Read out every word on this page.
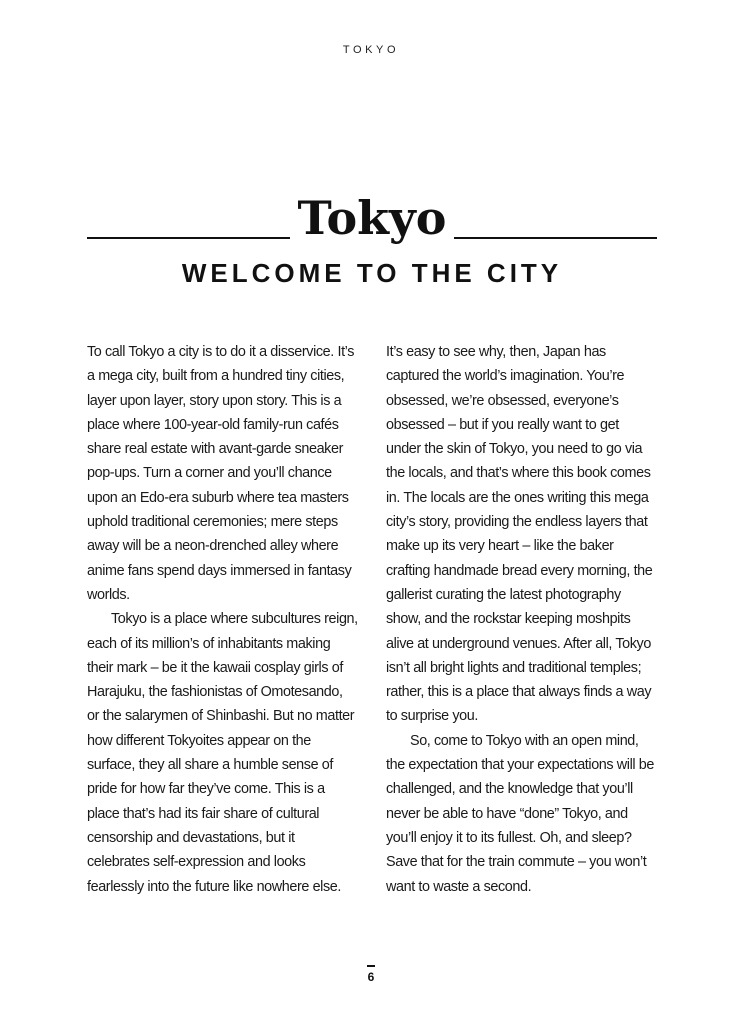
TOKYO
Tokyo
WELCOME TO THE CITY

To call Tokyo a city is to do it a disservice. It’s a mega city, built from a hundred tiny cities, layer upon layer, story upon story. This is a place where 100-year-old family-run cafés share real estate with avant-garde sneaker pop-ups. Turn a corner and you’ll chance upon an Edo-era suburb where tea masters uphold traditional ceremonies; mere steps away will be a neon-drenched alley where anime fans spend days immersed in fantasy worlds.

Tokyo is a place where subcultures reign, each of its million’s of inhabitants making their mark – be it the kawaii cosplay girls of Harajuku, the fashionistas of Omotesando, or the salarymen of Shinbashi. But no matter how different Tokyoites appear on the surface, they all share a humble sense of pride for how far they’ve come. This is a place that’s had its fair share of cultural censorship and devastations, but it celebrates self-expression and looks fearlessly into the future like nowhere else.

It’s easy to see why, then, Japan has captured the world’s imagination. You’re obsessed, we’re obsessed, everyone’s obsessed – but if you really want to get under the skin of Tokyo, you need to go via the locals, and that’s where this book comes in. The locals are the ones writing this mega city’s story, providing the endless layers that make up its very heart – like the baker crafting handmade bread every morning, the gallerist curating the latest photography show, and the rockstar keeping moshpits alive at underground venues. After all, Tokyo isn’t all bright lights and traditional temples; rather, this is a place that always finds a way to surprise you.

So, come to Tokyo with an open mind, the expectation that your expectations will be challenged, and the knowledge that you’ll never be able to have “done” Tokyo, and you’ll enjoy it to its fullest. Oh, and sleep? Save that for the train commute – you won’t want to waste a second.

6
